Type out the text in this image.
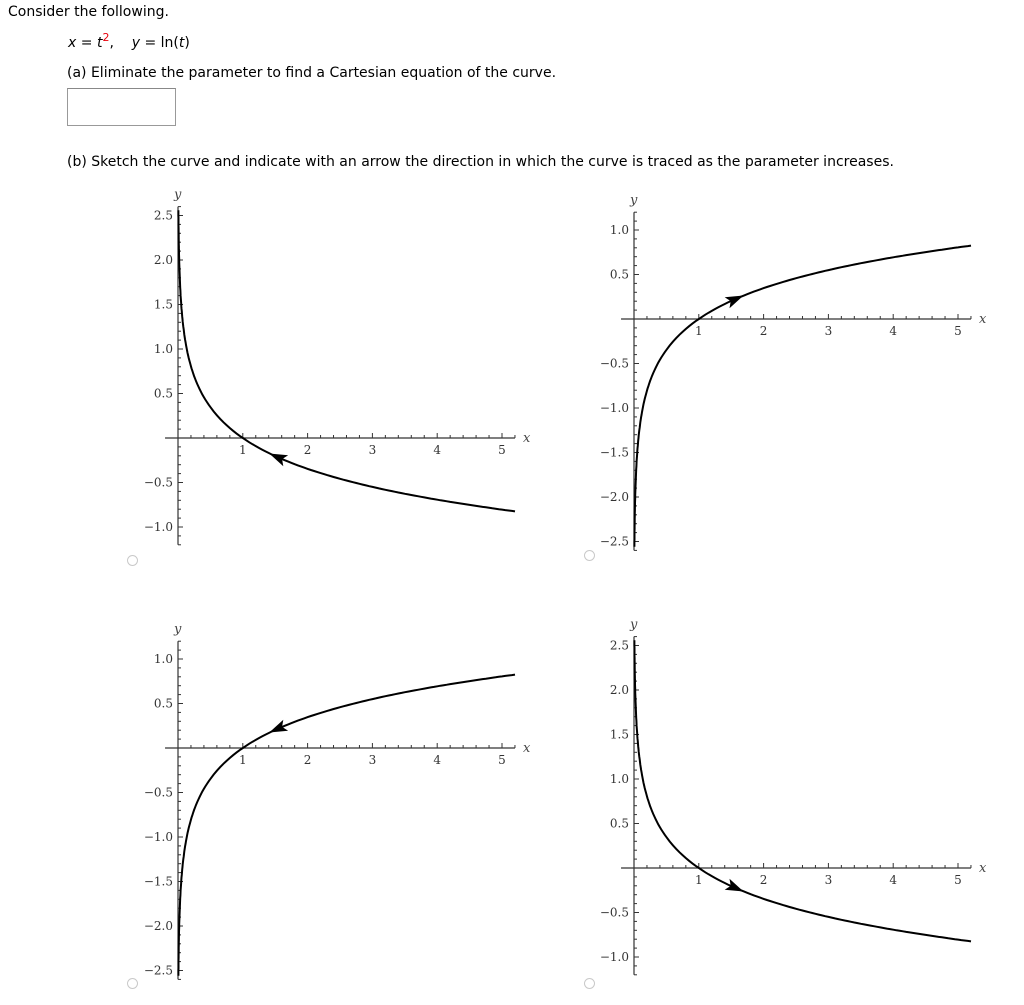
Consider the following.
$x = t^2$, y = ln(t)
(a) Eliminate the parameter to find a Cartesian equation of the curve.
(b) Sketch the curve and indicate with an arrow the direction in which the curve is traced as the parameter increases.
1	2	3	4	5
2.5
2.0
1.5
1.0
0.5
−0.5
−1.0
x
y
1	2	3	4	5
1.0
0.5
−0.5
−1.0
−1.5
−2.0
−2.5
x
y
1	2	3	4	5
1.0
0.5
−0.5
−1.0
−1.5
−2.0
−2.5
x
y
1	2	3	4	5
2.5
2.0
1.5
1.0
0.5
−0.5
−1.0
x
y
